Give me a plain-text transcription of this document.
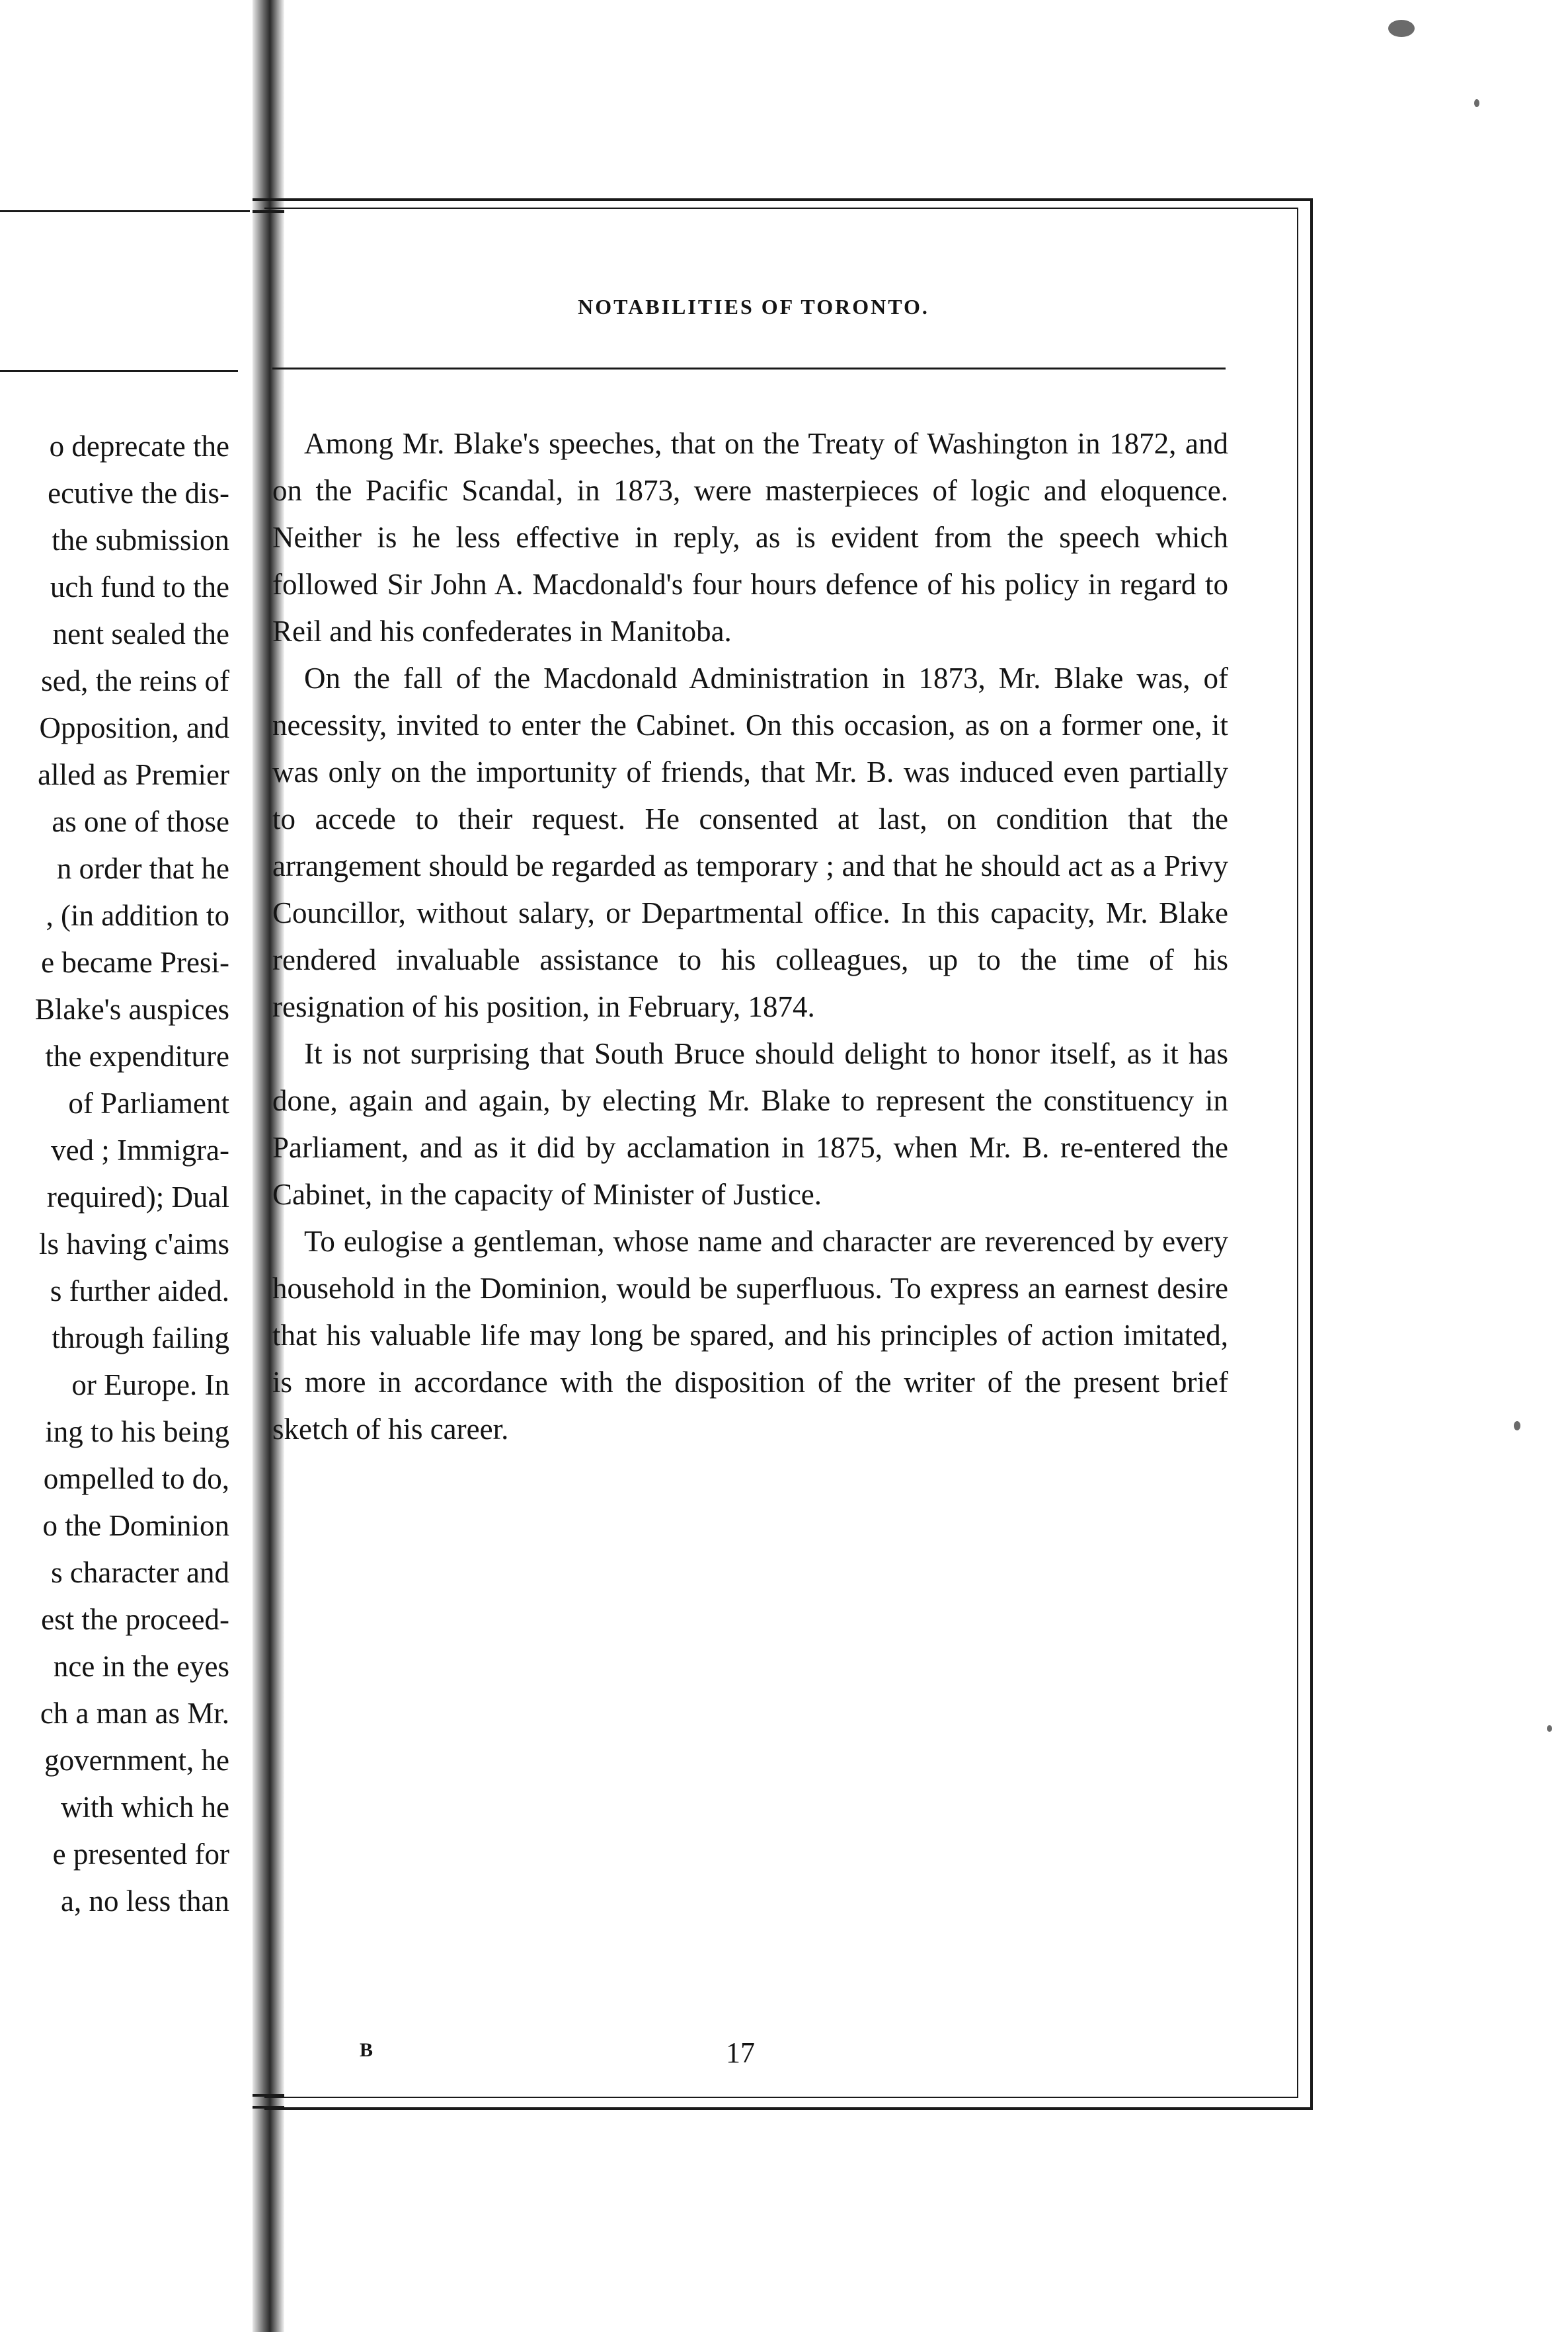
o deprecate the
ecutive the dis-
the submission
uch fund to the
nent sealed the
sed, the reins of
Opposition, and
alled as Premier
as one of those
n order that he
, (in addition to
e became Presi-
Blake's auspices
the expenditure
of Parliament
ved ; Immigra-
required); Dual
ls having c'aims
s further aided.
through failing
or Europe. In
ing to his being
ompelled to do,
o the Dominion
s character and
est the proceed-
nce in the eyes
ch a man as Mr.
government, he
with which he
e presented for
a, no less than
NOTABILITIES OF TORONTO.

Among Mr. Blake's speeches, that on the Treaty of Washington in 1872, and on the Pacific Scandal, in 1873, were masterpieces of logic and eloquence. Neither is he less effective in reply, as is evident from the speech which followed Sir John A. Macdonald's four hours defence of his policy in regard to Reil and his confederates in Manitoba.

On the fall of the Macdonald Administration in 1873, Mr. Blake was, of necessity, invited to enter the Cabinet. On this occasion, as on a former one, it was only on the importunity of friends, that Mr. B. was induced even partially to accede to their request. He consented at last, on condition that the arrangement should be regarded as temporary ; and that he should act as a Privy Councillor, without salary, or Departmental office. In this capacity, Mr. Blake rendered invaluable assistance to his colleagues, up to the time of his resignation of his position, in February, 1874.

It is not surprising that South Bruce should delight to honor itself, as it has done, again and again, by electing Mr. Blake to represent the constituency in Parliament, and as it did by acclamation in 1875, when Mr. B. re-entered the Cabinet, in the capacity of Minister of Justice.

To eulogise a gentleman, whose name and character are reverenced by every household in the Dominion, would be superfluous. To express an earnest desire that his valuable life may long be spared, and his principles of action imitated, is more in accordance with the disposition of the writer of the present brief sketch of his career.

B	17
